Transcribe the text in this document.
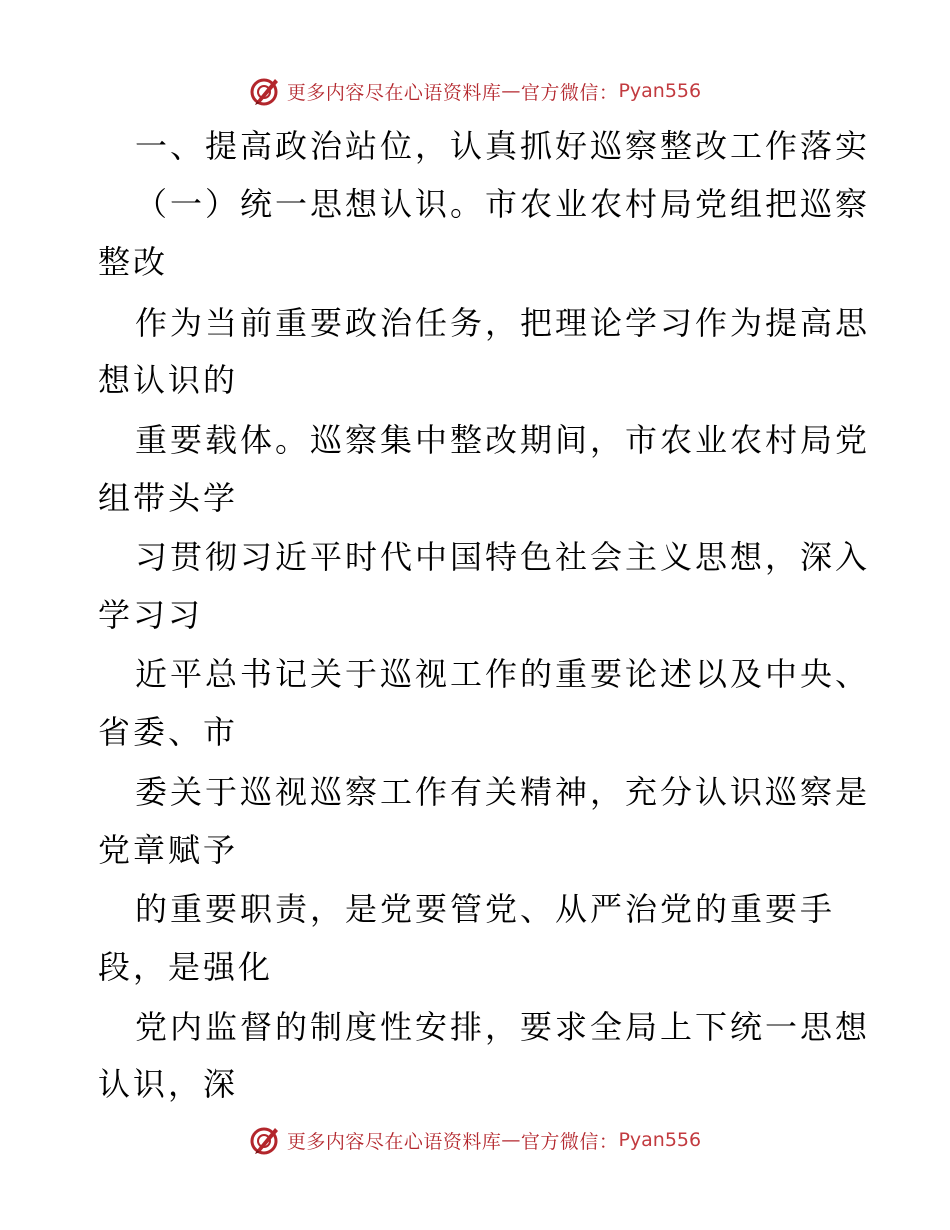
更多内容尽在心语资料库 — 官方微信： Pyan556
一、提高政治站位，认真抓好巡察整改工作落实
（一）统一思想认识。市农业农村局党组把巡察
整改
作为当前重要政治任务，把理论学习作为提高思
想认识的
重要载体。巡察集中整改期间，市农业农村局党
组带头学
习贯彻习近平时代中国特色社会主义思想，深入
学习习
近平总书记关于巡视工作的重要论述以及中央、
省委、市
委关于巡视巡察工作有关精神，充分认识巡察是
党章赋予
的重要职责，是党要管党、从严治党的重要手
段，是强化
党内监督的制度性安排，要求全局上下统一思想
认识，深
更多内容尽在心语资料库 — 官方微信： Pyan556
